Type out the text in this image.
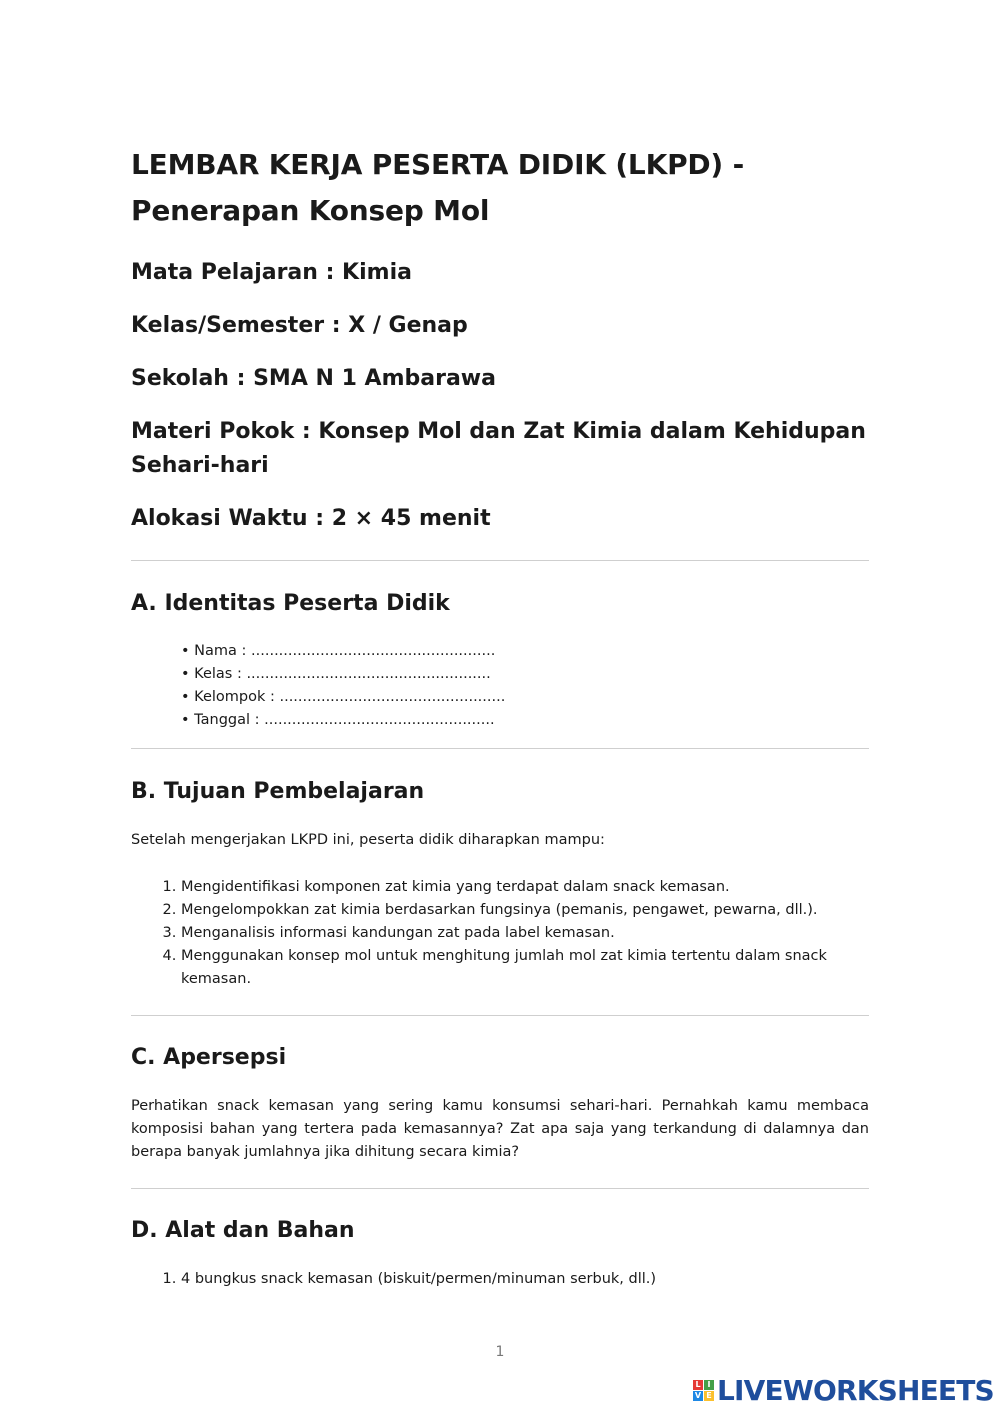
LEMBAR KERJA PESERTA DIDIK (LKPD) - Penerapan Konsep Mol
Mata Pelajaran : Kimia
Kelas/Semester : X / Genap
Sekolah : SMA N 1 Ambarawa
Materi Pokok : Konsep Mol dan Zat Kimia dalam Kehidupan Sehari-hari
Alokasi Waktu : 2 × 45 menit
A. Identitas Peserta Didik
• Nama : .....................................................
• Kelas : .....................................................
• Kelompok : .................................................
• Tanggal : ..................................................
B. Tujuan Pembelajaran

Setelah mengerjakan LKPD ini, peserta didik diharapkan mampu:

1. Mengidentifikasi komponen zat kimia yang terdapat dalam snack kemasan.
2. Mengelompokkan zat kimia berdasarkan fungsinya (pemanis, pengawet, pewarna, dll.).
3. Menganalisis informasi kandungan zat pada label kemasan.
4. Menggunakan konsep mol untuk menghitung jumlah mol zat kimia tertentu dalam snack kemasan.
C. Apersepsi

Perhatikan snack kemasan yang sering kamu konsumsi sehari-hari. Pernahkah kamu membaca komposisi bahan yang tertera pada kemasannya? Zat apa saja yang terkandung di dalamnya dan berapa banyak jumlahnya jika dihitung secara kimia?

D. Alat dan Bahan
1. 4 bungkus snack kemasan (biskuit/permen/minuman serbuk, dll.)
1
L I
V E LIVEWORKSHEETS
